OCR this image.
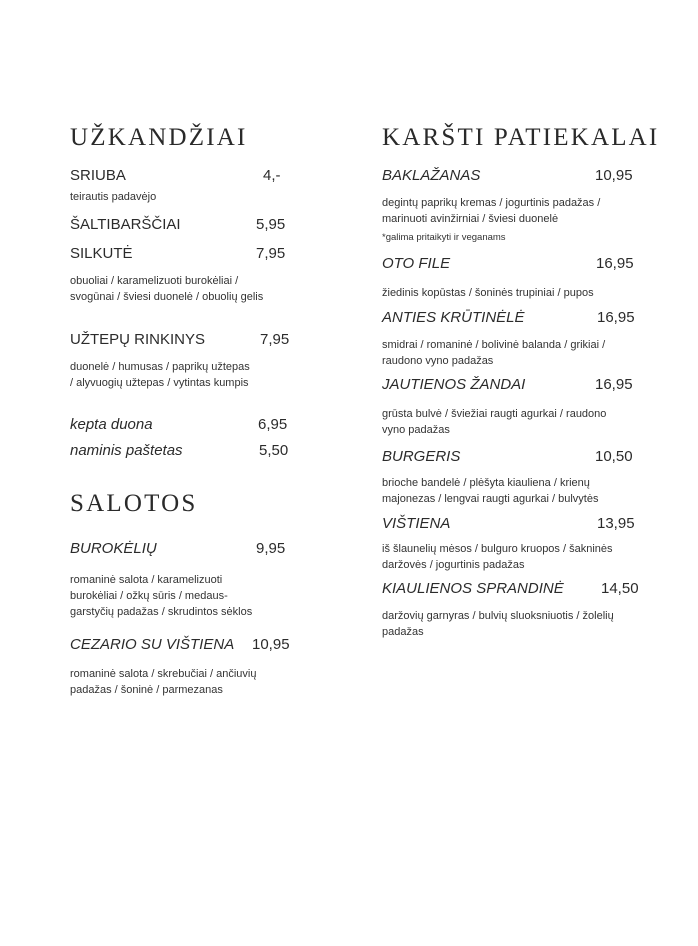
UŽKANDŽIAI
SRIUBA	4,-
teirautis padavėjo
ŠALTIBARŠČIAI	5,95
SILKUTĖ	7,95
obuoliai / karamelizuoti burokėliai / svogūnai / šviesi duonelė / obuolių gelis
UŽTEPŲ RINKINYS	7,95
duonelė / humusas / paprikų užtepas / alyvuogių užtepas / vytintas kumpis
kepta duona	6,95
naminis paštetas	5,50
SALOTOS
BUROKĖLIŲ	9,95
romaninė salota / karamelizuoti burokėliai / ožkų sūris / medaus-garstyčių padažas / skrudintos sėklos
CEZARIO SU VIŠTIENA 10,95
romaninė salota / skrebučiai / ančiuvių padažas / šoninė / parmezanas
KARŠTI PATIEKALAI
BAKLAŽANAS	10,95
degintų paprikų kremas / jogurtinis padažas / marinuoti avinžirniai / šviesi duonelė
*galima pritaikyti ir veganams
OTO FILE	16,95
žiedinis kopūstas / šoninės trupiniai / pupos
ANTIES KRŪTINĖLĖ	16,95
smidrai / romaninė / bolivinė balanda / grikiai / raudono vyno padažas
JAUTIENOS ŽANDAI	16,95
grūsta bulvė / šviežiai raugti agurkai / raudono vyno padažas
BURGERIS	10,50
brioche bandelė / plėšyta kiauliena / krienų majonezas / lengvai raugti agurkai / bulvytės
VIŠTIENA	13,95
iš šlaunelių mėsos / bulguro kruopos / šakninės daržovės / jogurtinis padažas
KIAULIENOS SPRANDINĖ 14,50
daržovių garnyras / bulvių sluoksniuotis / žolelių padažas
